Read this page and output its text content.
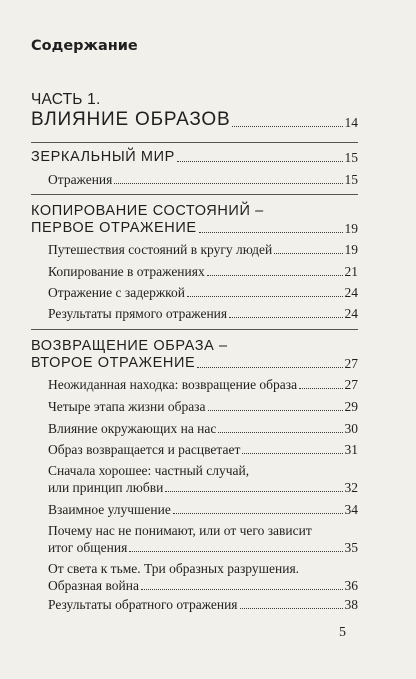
Содержание
ЧАСТЬ 1.
ВЛИЯНИЕ ОБРАЗОВ	14
ЗЕРКАЛЬНЫЙ МИР	15
Отражения	15
КОПИРОВАНИЕ СОСТОЯНИЙ –
ПЕРВОЕ ОТРАЖЕНИЕ	19
Путешествия состояний в кругу людей	19
Копирование в отражениях	21
Отражение с задержкой	24
Результаты прямого отражения	24
ВОЗВРАЩЕНИЕ ОБРАЗА –
ВТОРОЕ ОТРАЖЕНИЕ	27
Неожиданная находка: возвращение образа	27
Четыре этапа жизни образа	29
Влияние окружающих на нас	30
Образ возвращается и расцветает	31
Сначала хорошее: частный случай,
или принцип любви	32
Взаимное улучшение	34
Почему нас не понимают, или от чего зависит
итог общения	35
От света к тьме. Три образных разрушения.
Образная война	36
Результаты обратного отражения	38
5
